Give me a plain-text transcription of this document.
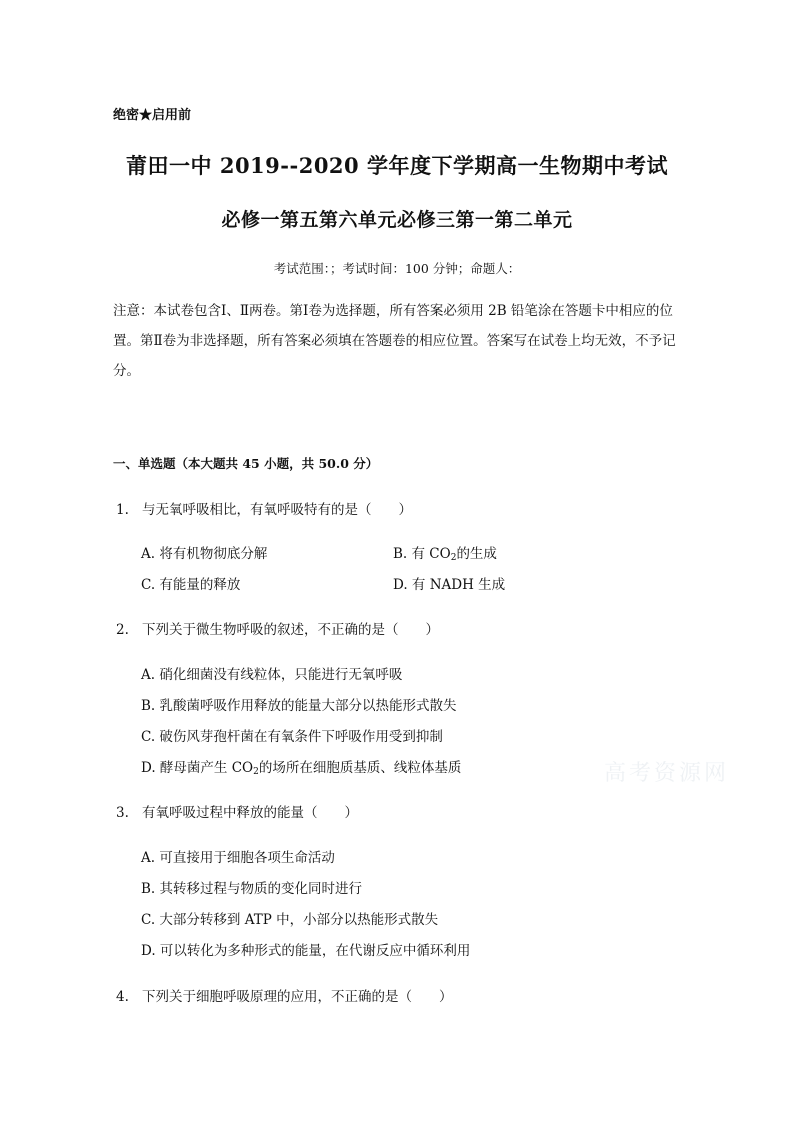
绝密★启用前
莆田一中 2019--2020 学年度下学期高一生物期中考试
必修一第五第六单元必修三第一第二单元
考试范围：；考试时间：100 分钟；命题人：
注意：本试卷包含Ⅰ、Ⅱ两卷。第Ⅰ卷为选择题，所有答案必须用 2B 铅笔涂在答题卡中相应的位置。第Ⅱ卷为非选择题，所有答案必须填在答题卷的相应位置。答案写在试卷上均无效，不予记分。
一、单选题（本大题共 45 小题，共 50.0 分）
1. 与无氧呼吸相比，有氧呼吸特有的是（　　）
A. 将有机物彻底分解	B. 有 $CO_2$的生成
C. 有能量的释放	D. 有 NADH 生成
2. 下列关于微生物呼吸的叙述，不正确的是（　　）
A. 硝化细菌没有线粒体，只能进行无氧呼吸
B. 乳酸菌呼吸作用释放的能量大部分以热能形式散失
C. 破伤风芽孢杆菌在有氧条件下呼吸作用受到抑制
D. 酵母菌产生 $CO_2$的场所在细胞质基质、线粒体基质
3. 有氧呼吸过程中释放的能量（　　）
A. 可直接用于细胞各项生命活动
B. 其转移过程与物质的变化同时进行
C. 大部分转移到 ATP 中，小部分以热能形式散失
D. 可以转化为多种形式的能量，在代谢反应中循环利用
4. 下列关于细胞呼吸原理的应用，不正确的是（　　）
高考资源网
